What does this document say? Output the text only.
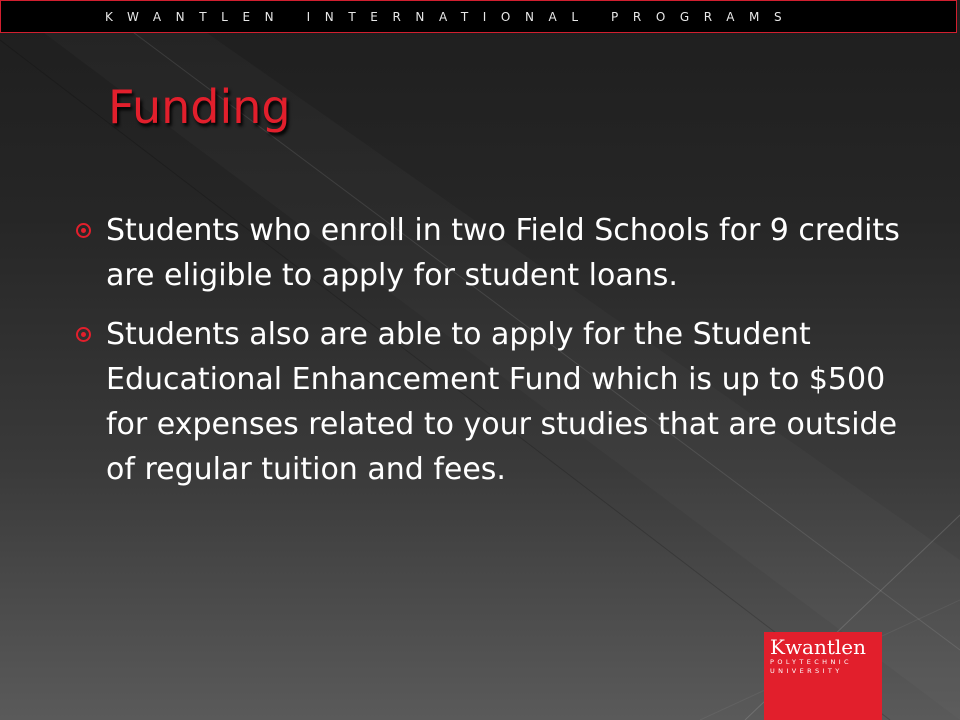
KWANTLEN INTERNATIONAL PROGRAMS
Funding
Students who enroll in two Field Schools for 9 credits are eligible to apply for student loans.
Students also are able to apply for the Student Educational Enhancement Fund which is up to $500 for expenses related to your studies that are outside of regular tuition and fees.
Kwantlen
POLYTECHNIC
UNIVERSITY
